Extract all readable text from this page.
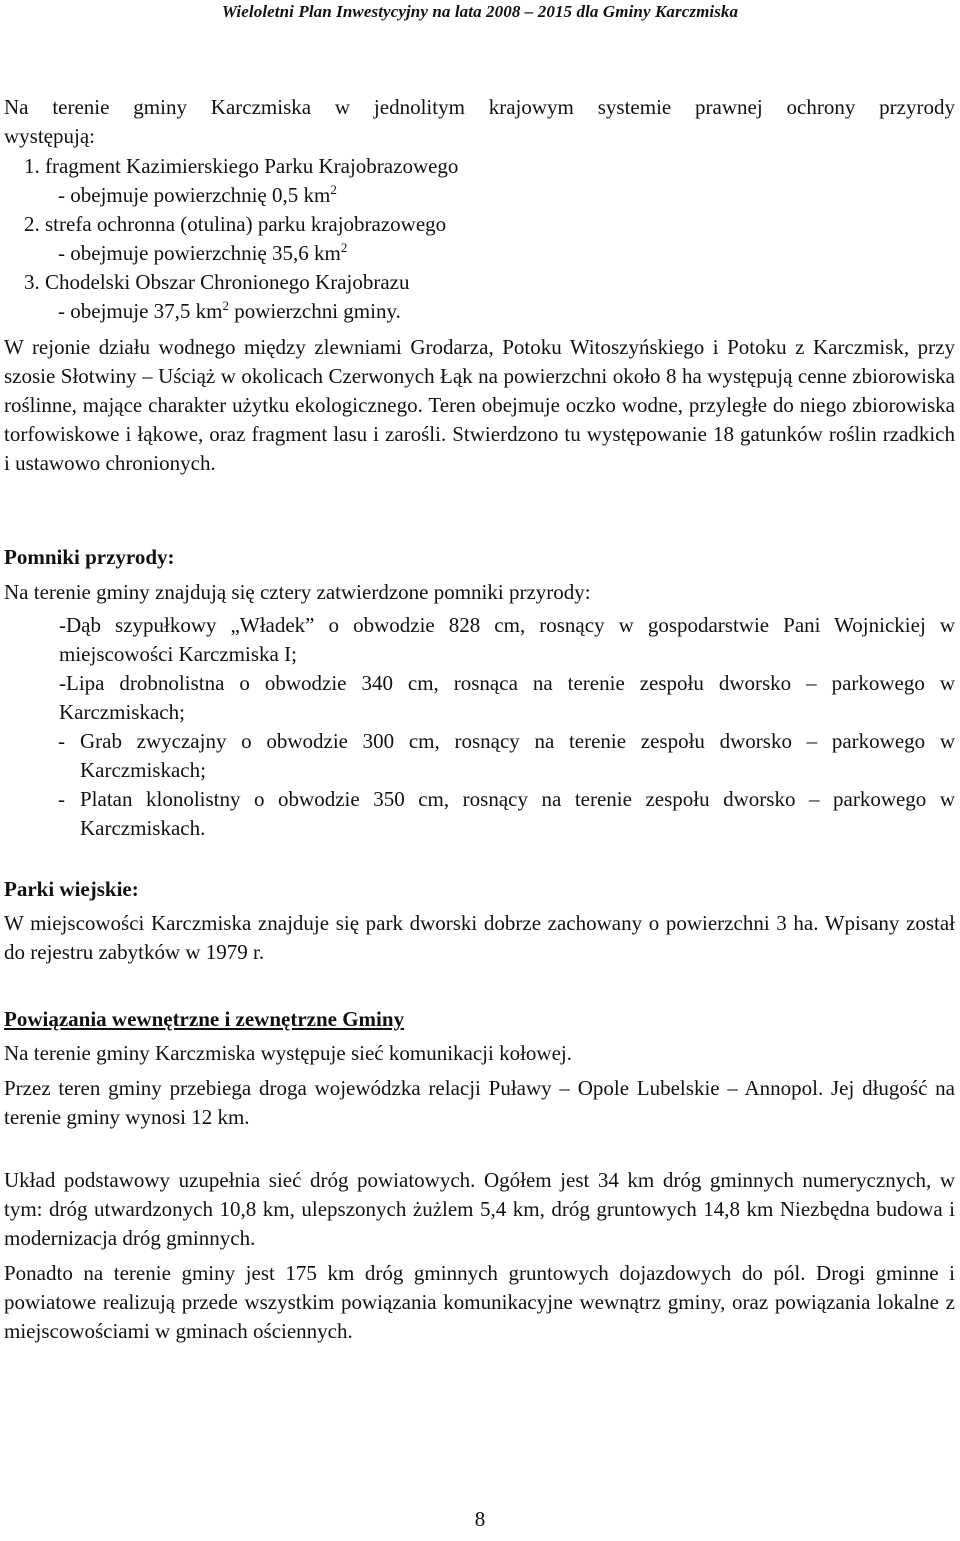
Wieloletni Plan Inwestycyjny na lata 2008 – 2015 dla Gminy Karczmiska
Na terenie gminy Karczmiska w jednolitym krajowym systemie prawnej ochrony przyrody
występują:
1. fragment Kazimierskiego Parku Krajobrazowego
- obejmuje powierzchnię 0,5 $km^2$
2. strefa ochronna (otulina) parku krajobrazowego
- obejmuje powierzchnię 35,6 $km^2$
3. Chodelski Obszar Chronionego Krajobrazu
- obejmuje 37,5 $km^2$ powierzchni gminy.
W rejonie działu wodnego między zlewniami Grodarza, Potoku Witoszyńskiego i Potoku z Karczmisk, przy szosie Słotwiny – Uściąż w okolicach Czerwonych Łąk na powierzchni około 8 ha występują cenne zbiorowiska roślinne, mające charakter użytku ekologicznego. Teren obejmuje oczko wodne, przyległe do niego zbiorowiska torfowiskowe i łąkowe, oraz fragment lasu i zarośli. Stwierdzono tu występowanie 18 gatunków roślin rzadkich i ustawowo chronionych.
Pomniki przyrody:
Na terenie gminy znajdują się cztery zatwierdzone pomniki przyrody:
-Dąb szypułkowy „Władek” o obwodzie 828 cm, rosnący w gospodarstwie Pani Wojnickiej w miejscowości Karczmiska I;
-Lipa drobnolistna o obwodzie 340 cm, rosnąca na terenie zespołu dworsko – parkowego w Karczmiskach;
- Grab zwyczajny o obwodzie 300 cm, rosnący na terenie zespołu dworsko – parkowego w Karczmiskach;
- Platan klonolistny o obwodzie 350 cm, rosnący na terenie zespołu dworsko – parkowego w Karczmiskach.
Parki wiejskie:
W miejscowości Karczmiska znajduje się park dworski dobrze zachowany o powierzchni 3 ha. Wpisany został do rejestru zabytków w 1979 r.
Powiązania wewnętrzne i zewnętrzne Gminy
Na terenie gminy Karczmiska występuje sieć komunikacji kołowej.
Przez teren gminy przebiega droga wojewódzka relacji Puławy – Opole Lubelskie – Annopol. Jej długość na terenie gminy wynosi 12 km.
Układ podstawowy uzupełnia sieć dróg powiatowych. Ogółem jest 34 km dróg gminnych numerycznych, w tym: dróg utwardzonych 10,8 km, ulepszonych żużlem 5,4 km, dróg gruntowych 14,8 km Niezbędna budowa i modernizacja dróg gminnych.
Ponadto na terenie gminy jest 175 km dróg gminnych gruntowych dojazdowych do pól. Drogi gminne i powiatowe realizują przede wszystkim powiązania komunikacyjne wewnątrz gminy, oraz powiązania lokalne z miejscowościami w gminach ościennych.
8
